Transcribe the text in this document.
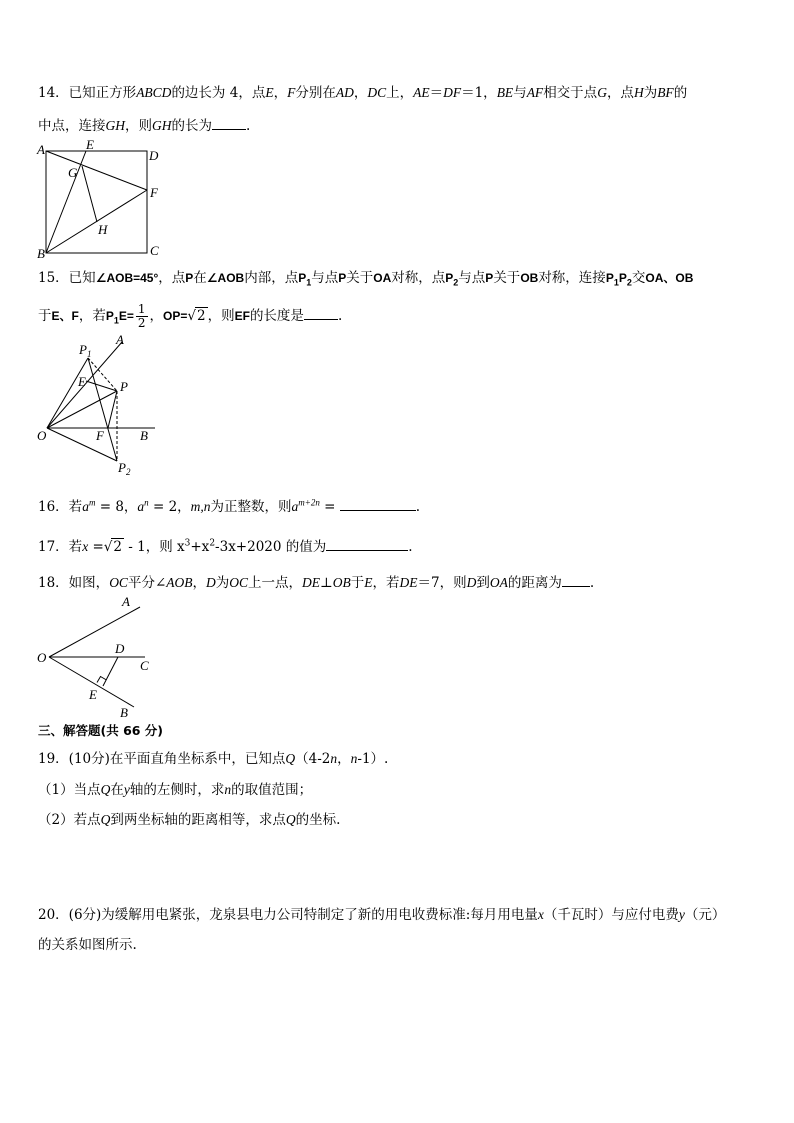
14．已知正方形ABCD的边长为 4，点E，F分别在AD，DC上，AE＝DF＝1，BE与AF相交于点G，点H为BF的
中点，连接GH，则GH的长为	.
A	E
D
G
F
H
B	C
15．已知∠AOB=45°，点P在∠AOB内部，点$P_1$与点P关于OA对称，点$P_2$与点P关于OB对称，连接$P_1P_2$交OA、OB
于E、F，若$P_1E= \frac{1}{2}$ ，OP=√2 ，则EF的长度是	.
$P_1$
A
E	P
O	F	B
$P_2$
16．若$a^m = 8$，$a^n = 2$，m,n为正整数，则$a^{m+2n}$ =	.
17．若x =√2 - 1，则 $x^3+x^2-3x+2020$ 的值为	.
18．如图，OC平分∠AOB，D为OC上一点，DE⊥OB于E，若DE＝7，则D到OA的距离为 .
A
O
D
C
E
B
三、解答题(共 66 分)
19．(10分)在平面直角坐标系中，已知点Q（4-2n，n-1）.
（1）当点Q在y轴的左侧时，求n的取值范围；
（2）若点Q到两坐标轴的距离相等，求点Q的坐标.
20．(6分)为缓解用电紧张，龙泉县电力公司特制定了新的用电收费标准:每月用电量x（千瓦时）与应付电费y（元）
的关系如图所示.
